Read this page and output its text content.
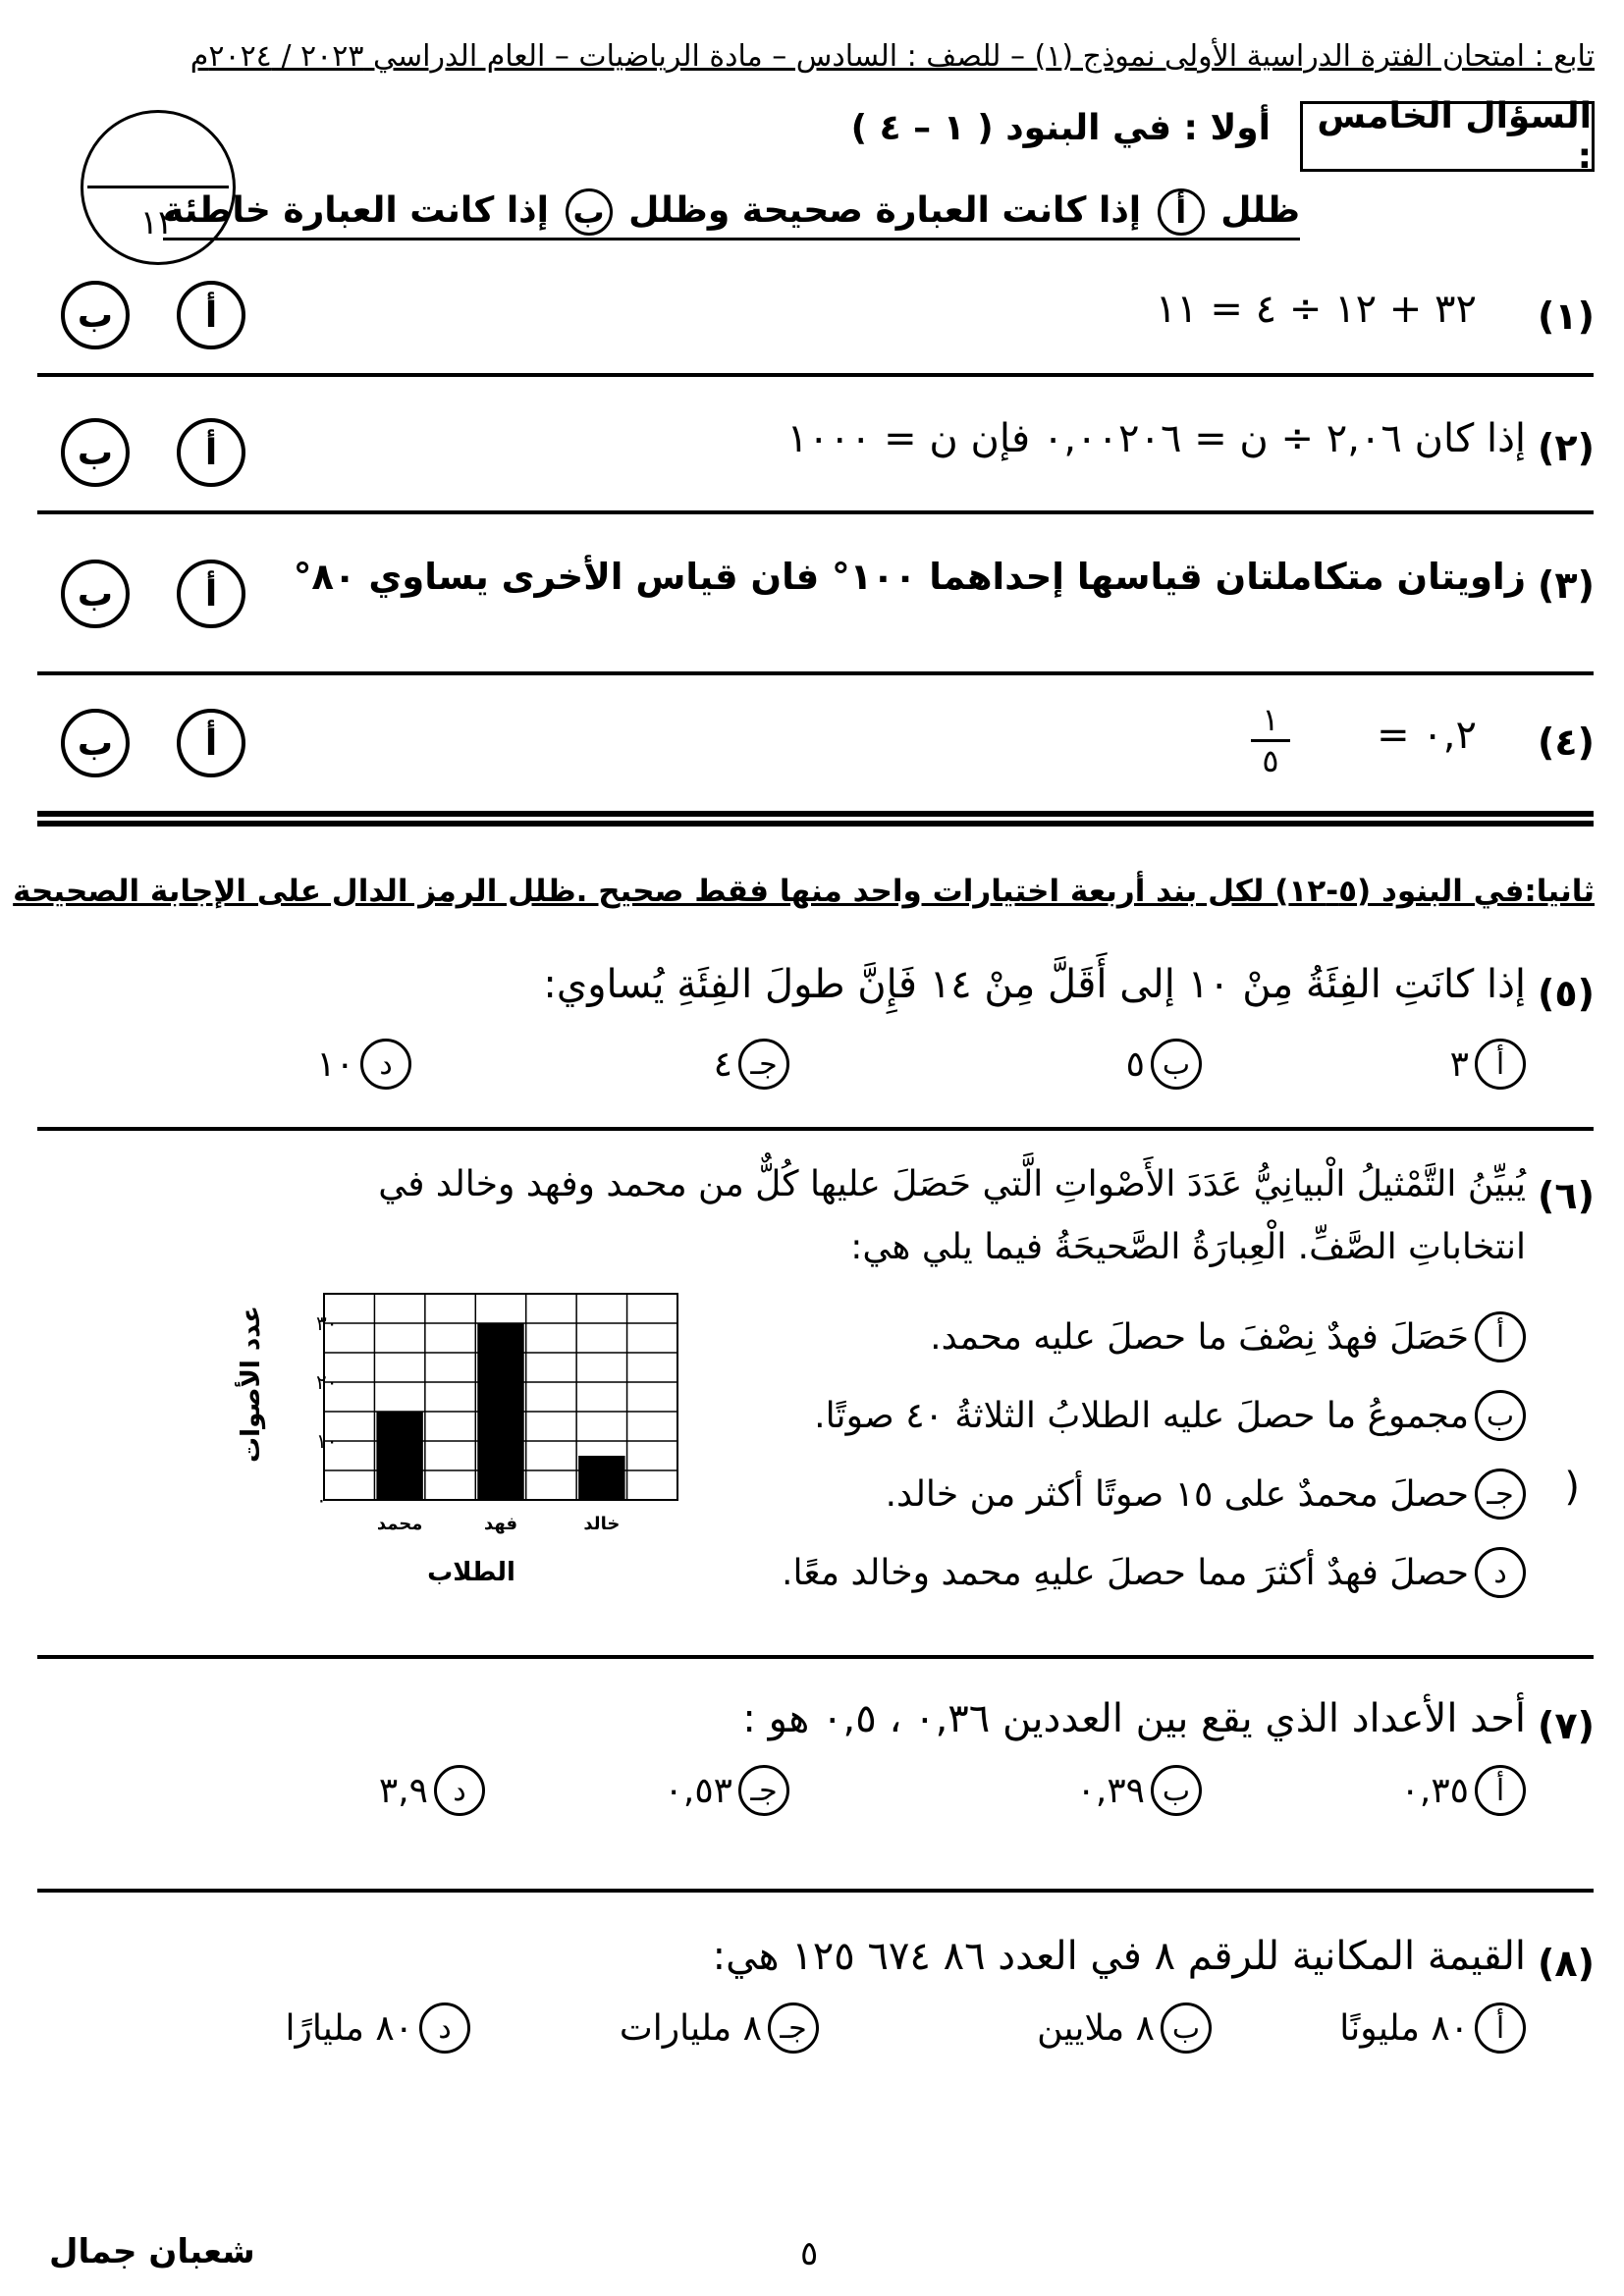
تابع : امتحان الفترة الدراسية الأولى نموذج (١) – للصف : السادس – مادة الرياضيات – العام الدراسي ٢٠٢٣ / ٢٠٢٤م
السؤال الخامس :
أولا : في البنود ( ١ – ٤ )
ظلل أ إذا كانت العبارة صحيحة وظلل ب إذا كانت العبارة خاطئة
١٢
(١)
٣٢ + ١٢ ÷ ٤ = ١١
أ
ب
(٢)
إذا كان ٢,٠٦ ÷ ن = ٠,٠٠٢٠٦ فإن ن = ١٠٠٠
أ
ب
(٣)
زاويتان متكاملتان قياسها إحداهما ١٠٠° فان قياس الأخرى يساوي ٨٠°
أ
ب
(٤)
٠,٢ =
١
٥
أ
ب
ثانيا:في البنود (٥-١٢) لكل بند أربعة اختيارات واحد منها فقط صحيح .ظلل الرمز الدال على الإجابة الصحيحة
(٥)
إذا كانَتِ الفِئَةُ مِنْ ١٠ إلى أَقَلَّ مِنْ ١٤ فَإِنَّ طولَ الفِئَةِ يُساوي:
أ
٣
ب
٥
جـ
٤
د
١٠
(٦)
يُبيِّنُ التَّمْثيلُ الْبيانِيُّ عَدَدَ الأَصْواتِ الَّتي حَصَلَ عليها كُلٌّ من محمد وفهد وخالد في
انتخاباتِ الصَّفِّ. الْعِبارَةُ الصَّحيحَةُ فيما يلي هي:
أ
حَصَلَ فهدٌ نِصْفَ ما حصلَ عليه محمد.
ب
مجموعُ ما حصلَ عليه الطلابُ الثلاثةُ ٤٠ صوتًا.
جـ
حصلَ محمدٌ على ١٥ صوتًا أكثر من خالد. (
د
حصلَ فهدٌ أكثرَ مما حصلَ عليهِ محمد وخالد معًا.
٠
١٠
٢٠
٣٠
محمد	فهد	خالد
عدد الأصوات
الطلاب
(٧)
أحد الأعداد الذي يقع بين العددين ٠,٣٦ ، ٠,٥ هو :
أ
٠,٣٥
ب
٠,٣٩
جـ
٠,٥٣
د
٣,٩
(٨)
القيمة المكانية للرقم ٨ في العدد ٨٦ ٦٧٤ ١٢٥ هي:
أ
٨٠ مليونًا
ب
٨ ملايين
جـ
٨ مليارات
د
٨٠ مليارًا
شعبان جمال	٥
